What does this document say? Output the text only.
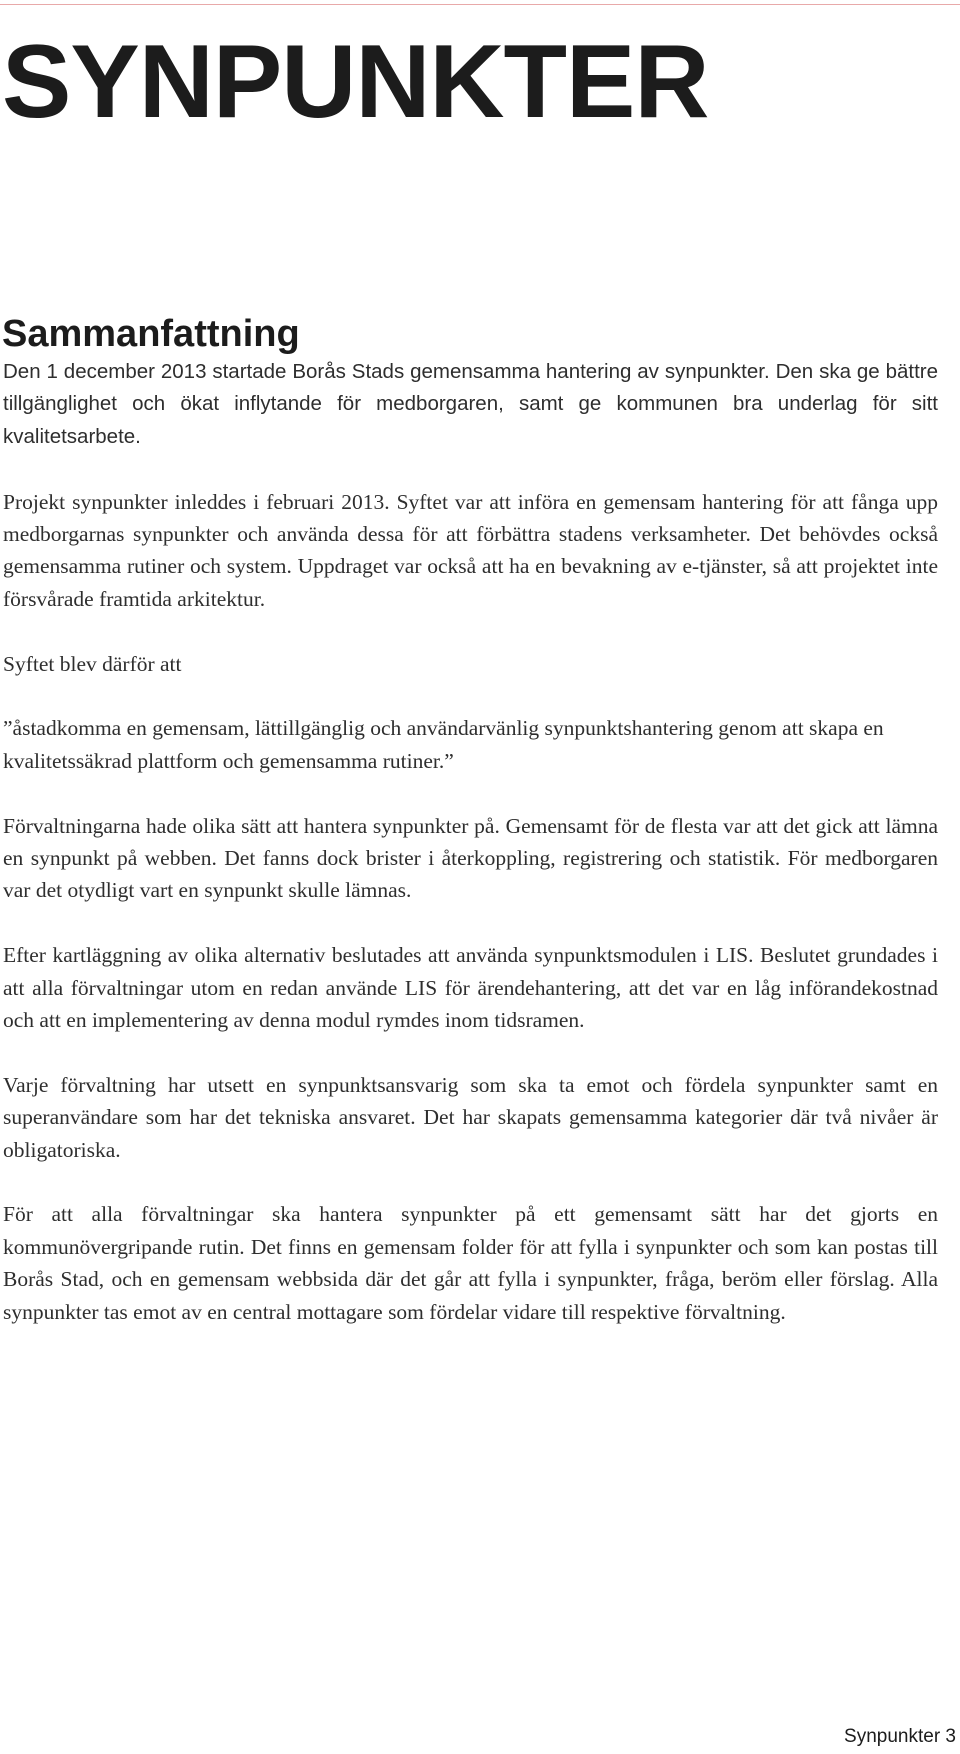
SYNPUNKTER
Sammanfattning

Den 1 december 2013 startade Borås Stads gemensamma hantering av synpunkter. Den ska ge bättre tillgänglighet och ökat inflytande för medborgaren, samt ge kommunen bra underlag för sitt kvalitetsarbete.

Projekt synpunkter inleddes i februari 2013. Syftet var att införa en gemensam hantering för att fånga upp medborgarnas synpunkter och använda dessa för att förbättra stadens verksamheter. Det behövdes också gemensamma rutiner och system. Uppdraget var också att ha en bevakning av e-tjänster, så att projektet inte försvårade framtida arkitektur.

Syftet blev därför att

”åstadkomma en gemensam, lättillgänglig och användarvänlig synpunktshantering genom att skapa en kvalitetssäkrad plattform och gemensamma rutiner.”

Förvaltningarna hade olika sätt att hantera synpunkter på. Gemensamt för de flesta var att det gick att lämna en synpunkt på webben. Det fanns dock brister i återkoppling, registrering och statistik. För medborgaren var det otydligt vart en synpunkt skulle lämnas.

Efter kartläggning av olika alternativ beslutades att använda synpunktsmodulen i LIS. Beslutet grundades i att alla förvaltningar utom en redan använde LIS för ärendehantering, att det var en låg införandekostnad och att en implementering av denna modul rymdes inom tidsramen.

Varje förvaltning har utsett en synpunktsansvarig som ska ta emot och fördela synpunkter samt en superanvändare som har det tekniska ansvaret. Det har skapats gemensamma kategorier där två nivåer är obligatoriska.

För att alla förvaltningar ska hantera synpunkter på ett gemensamt sätt har det gjorts en kommunövergripande rutin. Det finns en gemensam folder för att fylla i synpunkter och som kan postas till Borås Stad, och en gemensam webbsida där det går att fylla i synpunkter, fråga, beröm eller förslag. Alla synpunkter tas emot av en central mottagare som fördelar vidare till respektive förvaltning.

Synpunkter 3
